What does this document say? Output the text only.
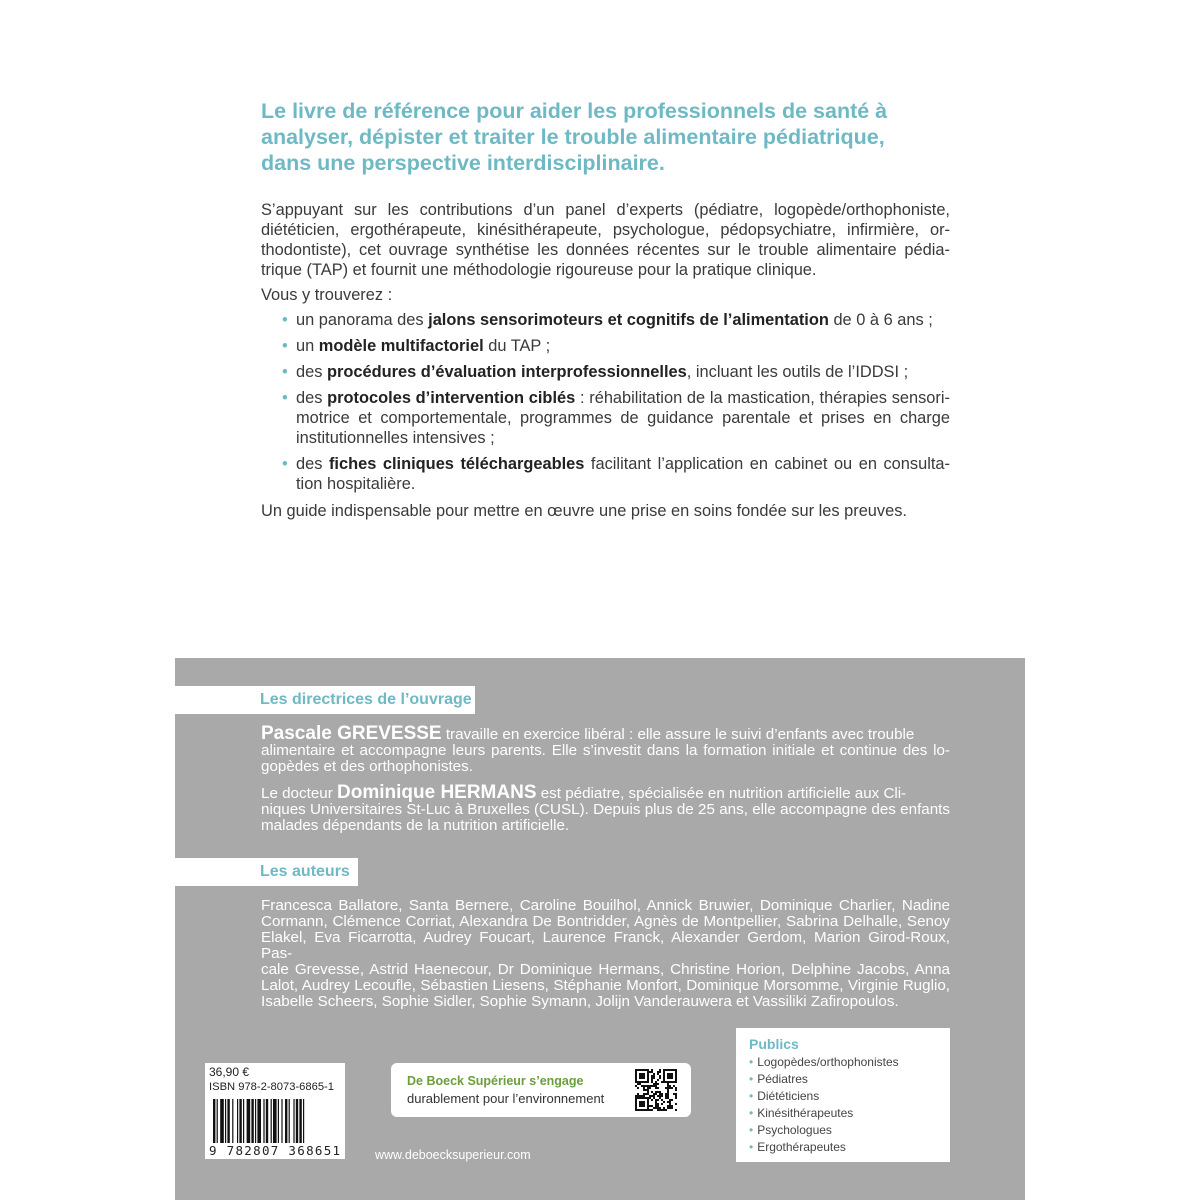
Le livre de référence pour aider les professionnels de santé à
analyser, dépister et traiter le trouble alimentaire pédiatrique,
dans une perspective interdisciplinaire.
S’appuyant sur les contributions d’un panel d’experts (pédiatre, logopède/orthophoniste,
diététicien, ergothérapeute, kinésithérapeute, psychologue, pédopsychiatre, infirmière, or-
thodontiste), cet ouvrage synthétise les données récentes sur le trouble alimentaire pédia-
trique (TAP) et fournit une méthodologie rigoureuse pour la pratique clinique.
Vous y trouverez :
• un panorama des jalons sensorimoteurs et cognitifs de l’alimentation de 0 à 6 ans ;
• un modèle multifactoriel du TAP ;
• des procédures d’évaluation interprofessionnelles, incluant les outils de l’IDDSI ;
• des protocoles d’intervention ciblés : réhabilitation de la mastication, thérapies sensori-motrice et comportementale, programmes de guidance parentale et prises en charge institutionnelles intensives ;
• des fiches cliniques téléchargeables facilitant l’application en cabinet ou en consulta-tion hospitalière.
Un guide indispensable pour mettre en œuvre une prise en soins fondée sur les preuves.
Les directrices de l’ouvrage
Pascale GREVESSE travaille en exercice libéral : elle assure le suivi d’enfants avec trouble
alimentaire et accompagne leurs parents. Elle s’investit dans la formation initiale et continue des lo-
gopèdes et des orthophonistes.
Le docteur Dominique HERMANS est pédiatre, spécialisée en nutrition artificielle aux Cli-
niques Universitaires St-Luc à Bruxelles (CUSL). Depuis plus de 25 ans, elle accompagne des enfants
malades dépendants de la nutrition artificielle.
Les auteurs
Francesca Ballatore, Santa Bernere, Caroline Bouilhol, Annick Bruwier, Dominique Charlier, Nadine
Cormann, Clémence Corriat, Alexandra De Bontridder, Agnès de Montpellier, Sabrina Delhalle, Senoy
Elakel, Eva Ficarrotta, Audrey Foucart, Laurence Franck, Alexander Gerdom, Marion Girod-Roux, Pas-
cale Grevesse, Astrid Haenecour, Dr Dominique Hermans, Christine Horion, Delphine Jacobs, Anna
Lalot, Audrey Lecoufle, Sébastien Liesens, Stéphanie Monfort, Dominique Morsomme, Virginie Ruglio,
Isabelle Scheers, Sophie Sidler, Sophie Symann, Jolijn Vanderauwera et Vassiliki Zafiropoulos.
Publics
• Logopèdes/orthophonistes
• Pédiatres
• Diététiciens
• Kinésithérapeutes
• Psychologues
• Ergothérapeutes
36,90 €
ISBN 978-2-8073-6865-1
9 782807 368651
De Boeck Supérieur s’engage
durablement pour l’environnement
www.deboecksuperieur.com
